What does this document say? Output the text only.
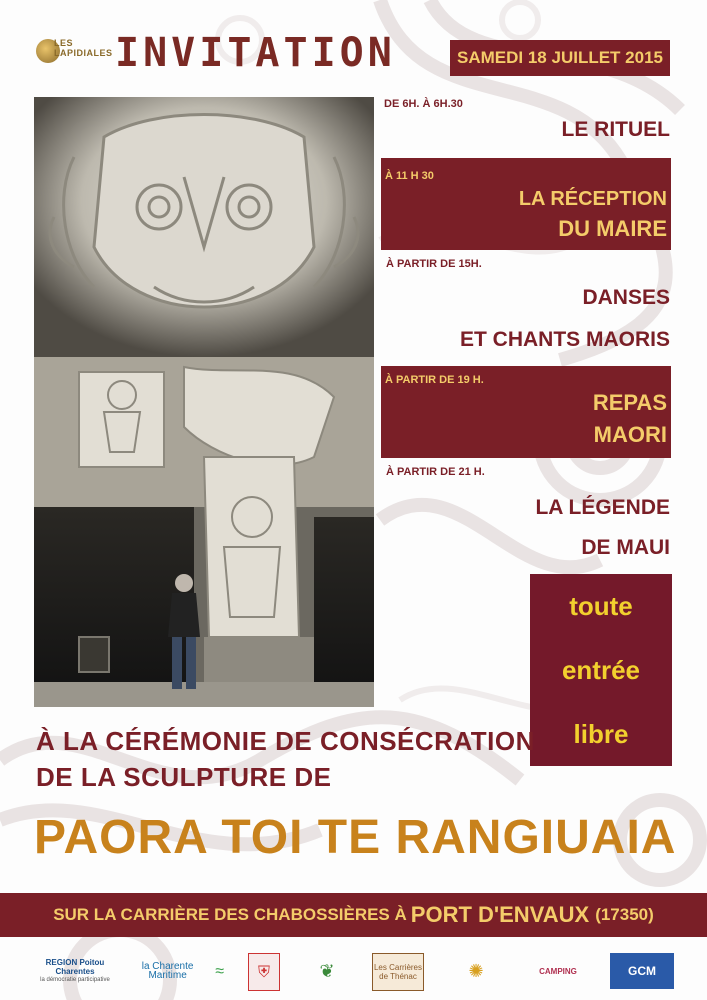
LES LAPIDIALES INVITATION	SAMEDI 18 JUILLET 2015
DE 6H. À 6H.30
LE RITUEL
À 11 H 30
LA RÉCEPTION
DU MAIRE
À PARTIR DE 15H.
DANSES
ET CHANTS MAORIS
À PARTIR DE 19 H.
REPAS
MAORI
À PARTIR DE 21 H.
LA LÉGENDE
DE MAUI
toute
entrée
libre
À LA CÉRÉMONIE DE CONSÉCRATION
DE LA SCULPTURE DE
PAORA TOI TE RANGIUAIA
SUR LA CARRIÈRE DES CHABOSSIÈRES À PORT D'ENVAUX (17350)
REGION Poitou Charentes
la démocratie participative
la Charente Maritime	≈ ⛨	❦	Les Carrières de Thénac	✺	CAMPING	GCM
